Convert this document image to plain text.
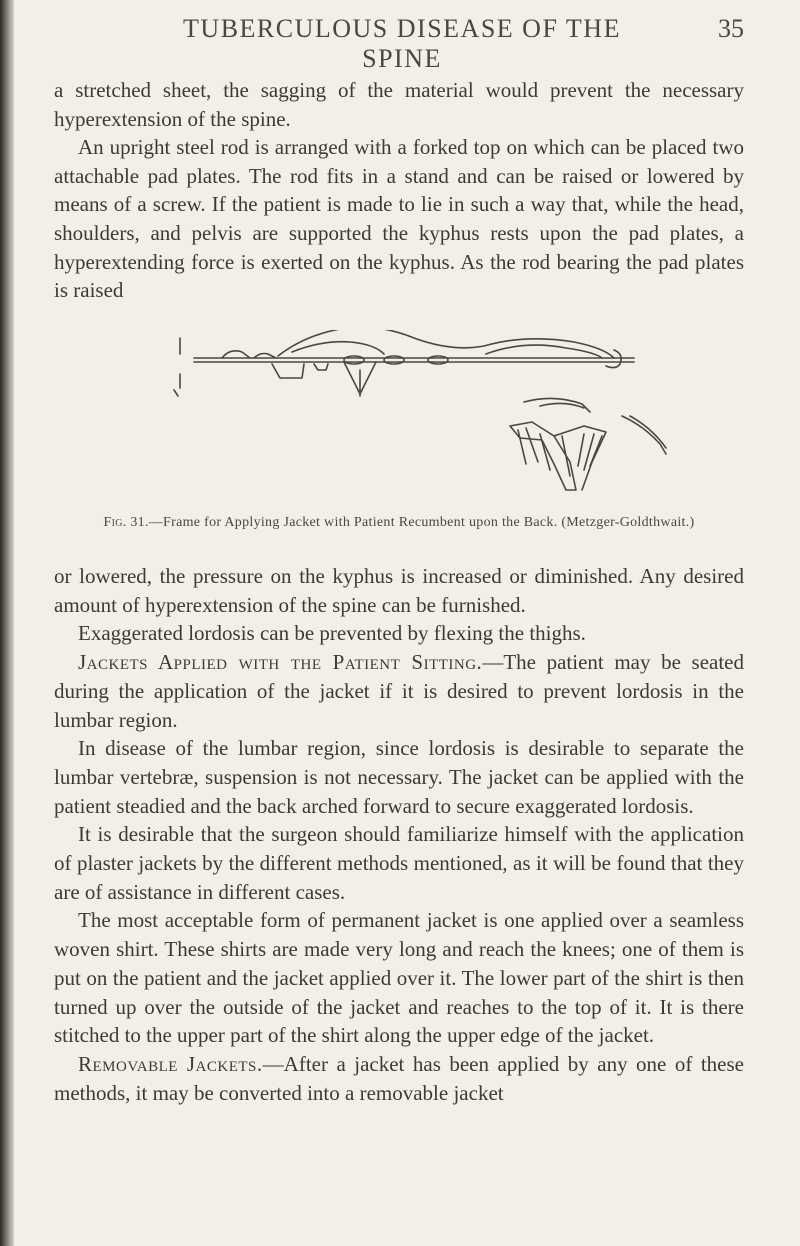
TUBERCULOUS DISEASE OF THE SPINE
35

a stretched sheet, the sagging of the material would prevent the necessary hyperextension of the spine.

An upright steel rod is arranged with a forked top on which can be placed two attachable pad plates. The rod fits in a stand and can be raised or lowered by means of a screw. If the patient is made to lie in such a way that, while the head, shoulders, and pelvis are supported the kyphus rests upon the pad plates, a hyperextending force is exerted on the kyphus. As the rod bearing the pad plates is raised

Fig. 31.—Frame for Applying Jacket with Patient Recumbent upon the Back. (Metzger-Goldthwait.)

or lowered, the pressure on the kyphus is increased or diminished. Any desired amount of hyperextension of the spine can be furnished.

Exaggerated lordosis can be prevented by flexing the thighs.

Jackets Applied with the Patient Sitting.—The patient may be seated during the application of the jacket if it is desired to prevent lordosis in the lumbar region.

In disease of the lumbar region, since lordosis is desirable to separate the lumbar vertebræ, suspension is not necessary. The jacket can be applied with the patient steadied and the back arched forward to secure exaggerated lordosis.

It is desirable that the surgeon should familiarize himself with the application of plaster jackets by the different methods mentioned, as it will be found that they are of assistance in different cases.

The most acceptable form of permanent jacket is one applied over a seamless woven shirt. These shirts are made very long and reach the knees; one of them is put on the patient and the jacket applied over it. The lower part of the shirt is then turned up over the outside of the jacket and reaches to the top of it. It is there stitched to the upper part of the shirt along the upper edge of the jacket.

Removable Jackets.—After a jacket has been applied by any one of these methods, it may be converted into a removable jacket
